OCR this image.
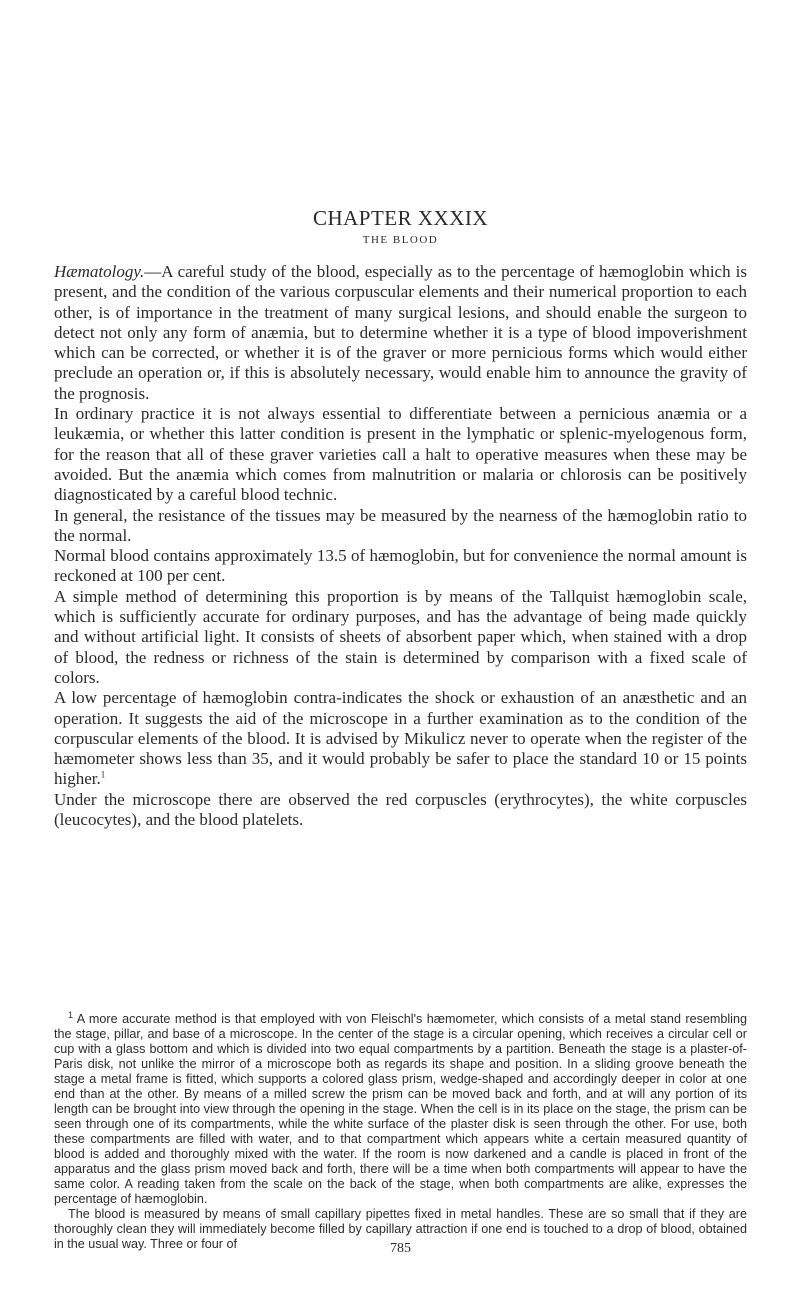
CHAPTER XXXIX
THE BLOOD

Hæmatology.—A careful study of the blood, especially as to the percentage of hæmoglobin which is present, and the condition of the various corpuscular elements and their numerical proportion to each other, is of importance in the treatment of many surgical lesions, and should enable the surgeon to detect not only any form of anæmia, but to determine whether it is a type of blood impoverishment which can be corrected, or whether it is of the graver or more pernicious forms which would either preclude an operation or, if this is absolutely necessary, would enable him to announce the gravity of the prognosis.

In ordinary practice it is not always essential to differentiate between a pernicious anæmia or a leukæmia, or whether this latter condition is present in the lymphatic or splenic-myelogenous form, for the reason that all of these graver varieties call a halt to operative measures when these may be avoided. But the anæmia which comes from malnutrition or malaria or chlorosis can be positively diagnosticated by a careful blood technic.

In general, the resistance of the tissues may be measured by the nearness of the hæmoglobin ratio to the normal.

Normal blood contains approximately 13.5 of hæmoglobin, but for convenience the normal amount is reckoned at 100 per cent.

A simple method of determining this proportion is by means of the Tallquist hæmoglobin scale, which is sufficiently accurate for ordinary purposes, and has the advantage of being made quickly and without artificial light. It consists of sheets of absorbent paper which, when stained with a drop of blood, the redness or richness of the stain is determined by comparison with a fixed scale of colors.

A low percentage of hæmoglobin contra-indicates the shock or exhaustion of an anæsthetic and an operation. It suggests the aid of the microscope in a further examination as to the condition of the corpuscular elements of the blood. It is advised by Mikulicz never to operate when the register of the hæmometer shows less than 35, and it would probably be safer to place the standard 10 or 15 points higher.$^1$

Under the microscope there are observed the red corpuscles (erythrocytes), the white corpuscles (leucocytes), and the blood platelets.

$^1$ A more accurate method is that employed with von Fleischl's hæmometer, which consists of a metal stand resembling the stage, pillar, and base of a microscope. In the center of the stage is a circular opening, which receives a circular cell or cup with a glass bottom and which is divided into two equal compartments by a partition. Beneath the stage is a plaster-of-Paris disk, not unlike the mirror of a microscope both as regards its shape and position. In a sliding groove beneath the stage a metal frame is fitted, which supports a colored glass prism, wedge-shaped and accordingly deeper in color at one end than at the other. By means of a milled screw the prism can be moved back and forth, and at will any portion of its length can be brought into view through the opening in the stage. When the cell is in its place on the stage, the prism can be seen through one of its compartments, while the white surface of the plaster disk is seen through the other. For use, both these compartments are filled with water, and to that compartment which appears white a certain measured quantity of blood is added and thoroughly mixed with the water. If the room is now darkened and a candle is placed in front of the apparatus and the glass prism moved back and forth, there will be a time when both compartments will appear to have the same color. A reading taken from the scale on the back of the stage, when both compartments are alike, expresses the percentage of hæmoglobin.

The blood is measured by means of small capillary pipettes fixed in metal handles. These are so small that if they are thoroughly clean they will immediately become filled by capillary attraction if one end is touched to a drop of blood, obtained in the usual way. Three or four of	785
